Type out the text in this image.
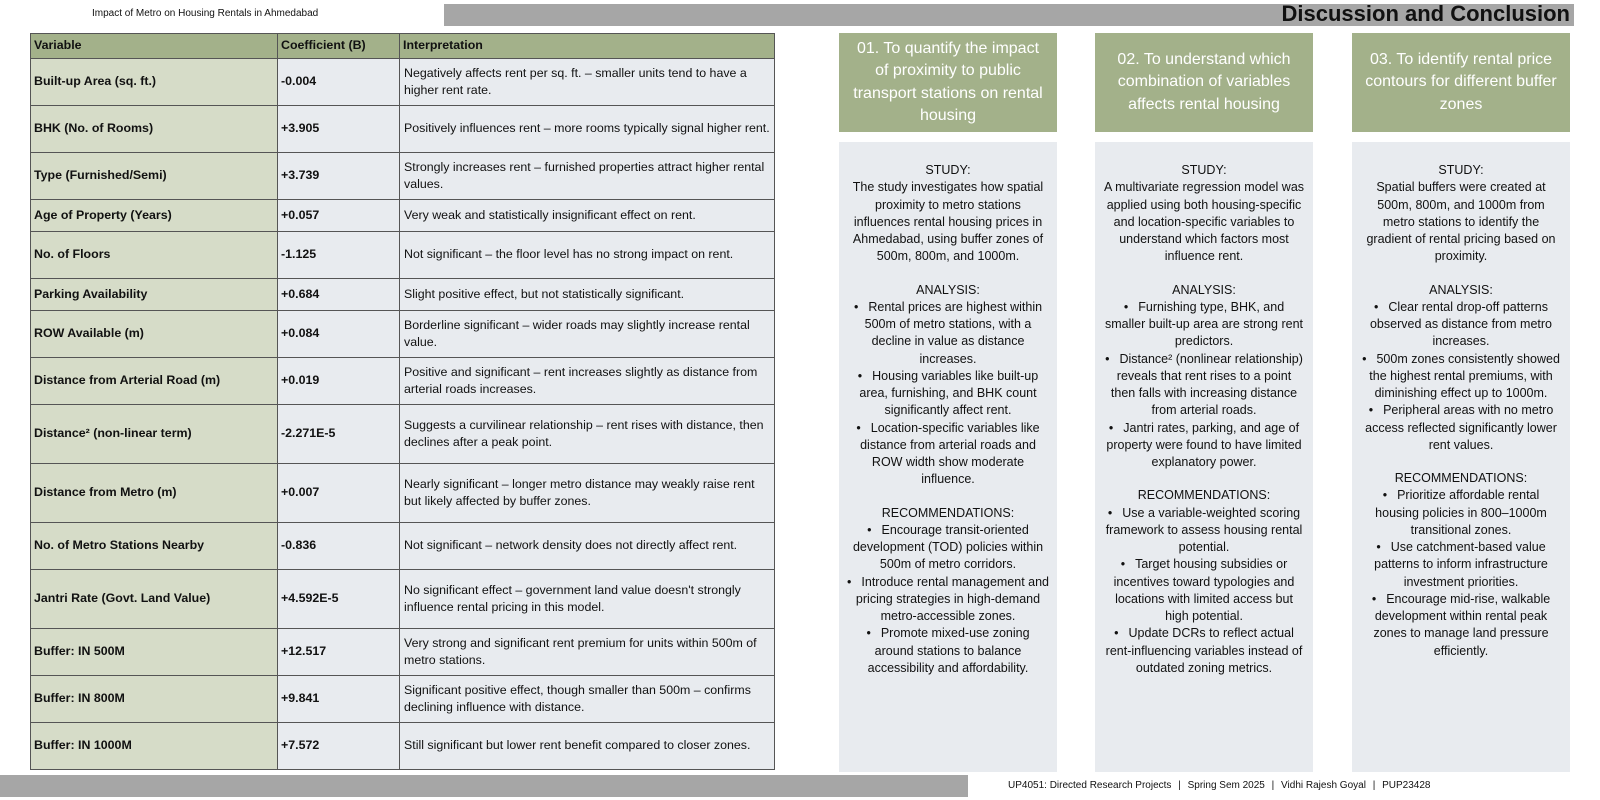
Impact of Metro on Housing Rentals in Ahmedabad	Discussion and Conclusion
Variable	Coefficient (B)	Interpretation
Built-up Area (sq. ft.)	-0.004	Negatively affects rent per sq. ft. – smaller units tend to have a higher rent rate.
BHK (No. of Rooms)	+3.905	Positively influences rent – more rooms typically signal higher rent.
Type (Furnished/Semi)	+3.739	Strongly increases rent – furnished properties attract higher rental values.
Age of Property (Years)	+0.057	Very weak and statistically insignificant effect on rent.
No. of Floors	-1.125	Not significant – the floor level has no strong impact on rent.
Parking Availability	+0.684	Slight positive effect, but not statistically significant.
ROW Available (m)	+0.084	Borderline significant – wider roads may slightly increase rental value.
Distance from Arterial Road (m)	+0.019	Positive and significant – rent increases slightly as distance from arterial roads increases.
Distance² (non-linear term)	-2.271E-5	Suggests a curvilinear relationship – rent rises with distance, then declines after a peak point.
Distance from Metro (m)	+0.007	Nearly significant – longer metro distance may weakly raise rent but likely affected by buffer zones.
No. of Metro Stations Nearby	-0.836	Not significant – network density does not directly affect rent.
Jantri Rate (Govt. Land Value)	+4.592E-5	No significant effect – government land value doesn't strongly influence rental pricing in this model.
Buffer: IN 500M	+12.517	Very strong and significant rent premium for units within 500m of metro stations.
Buffer: IN 800M	+9.841	Significant positive effect, though smaller than 500m – confirms declining influence with distance.
Buffer: IN 1000M	+7.572	Still significant but lower rent benefit compared to closer zones.
01. To quantify the impact of proximity to public transport stations on rental housing
STUDY:
The study investigates how spatial proximity to metro stations influences rental housing prices in Ahmedabad, using buffer zones of 500m, 800m, and 1000m.
ANALYSIS:
• Rental prices are highest within 500m of metro stations, with a decline in value as distance increases.
• Housing variables like built-up area, furnishing, and BHK count significantly affect rent.
• Location-specific variables like distance from arterial roads and ROW width show moderate influence.
RECOMMENDATIONS:
• Encourage transit-oriented development (TOD) policies within 500m of metro corridors.
• Introduce rental management and pricing strategies in high-demand metro-accessible zones.
• Promote mixed-use zoning around stations to balance accessibility and affordability.
02. To understand which combination of variables affects rental housing
STUDY:
A multivariate regression model was applied using both housing-specific and location-specific variables to understand which factors most influence rent.
ANALYSIS:
• Furnishing type, BHK, and smaller built-up area are strong rent predictors.
• Distance² (nonlinear relationship) reveals that rent rises to a point then falls with increasing distance from arterial roads.
• Jantri rates, parking, and age of property were found to have limited explanatory power.
RECOMMENDATIONS:
• Use a variable-weighted scoring framework to assess housing rental potential.
• Target housing subsidies or incentives toward typologies and locations with limited access but high potential.
• Update DCRs to reflect actual rent-influencing variables instead of outdated zoning metrics.
03. To identify rental price contours for different buffer zones
STUDY:
Spatial buffers were created at 500m, 800m, and 1000m from metro stations to identify the gradient of rental pricing based on proximity.
ANALYSIS:
• Clear rental drop-off patterns observed as distance from metro increases.
• 500m zones consistently showed the highest rental premiums, with diminishing effect up to 1000m.
• Peripheral areas with no metro access reflected significantly lower rent values.
RECOMMENDATIONS:
• Prioritize affordable rental housing policies in 800–1000m transitional zones.
• Use catchment-based value patterns to inform infrastructure investment priorities.
• Encourage mid-rise, walkable development within rental peak zones to manage land pressure efficiently.
UP4051: Directed Research Projects | Spring Sem 2025 | Vidhi Rajesh Goyal | PUP23428
